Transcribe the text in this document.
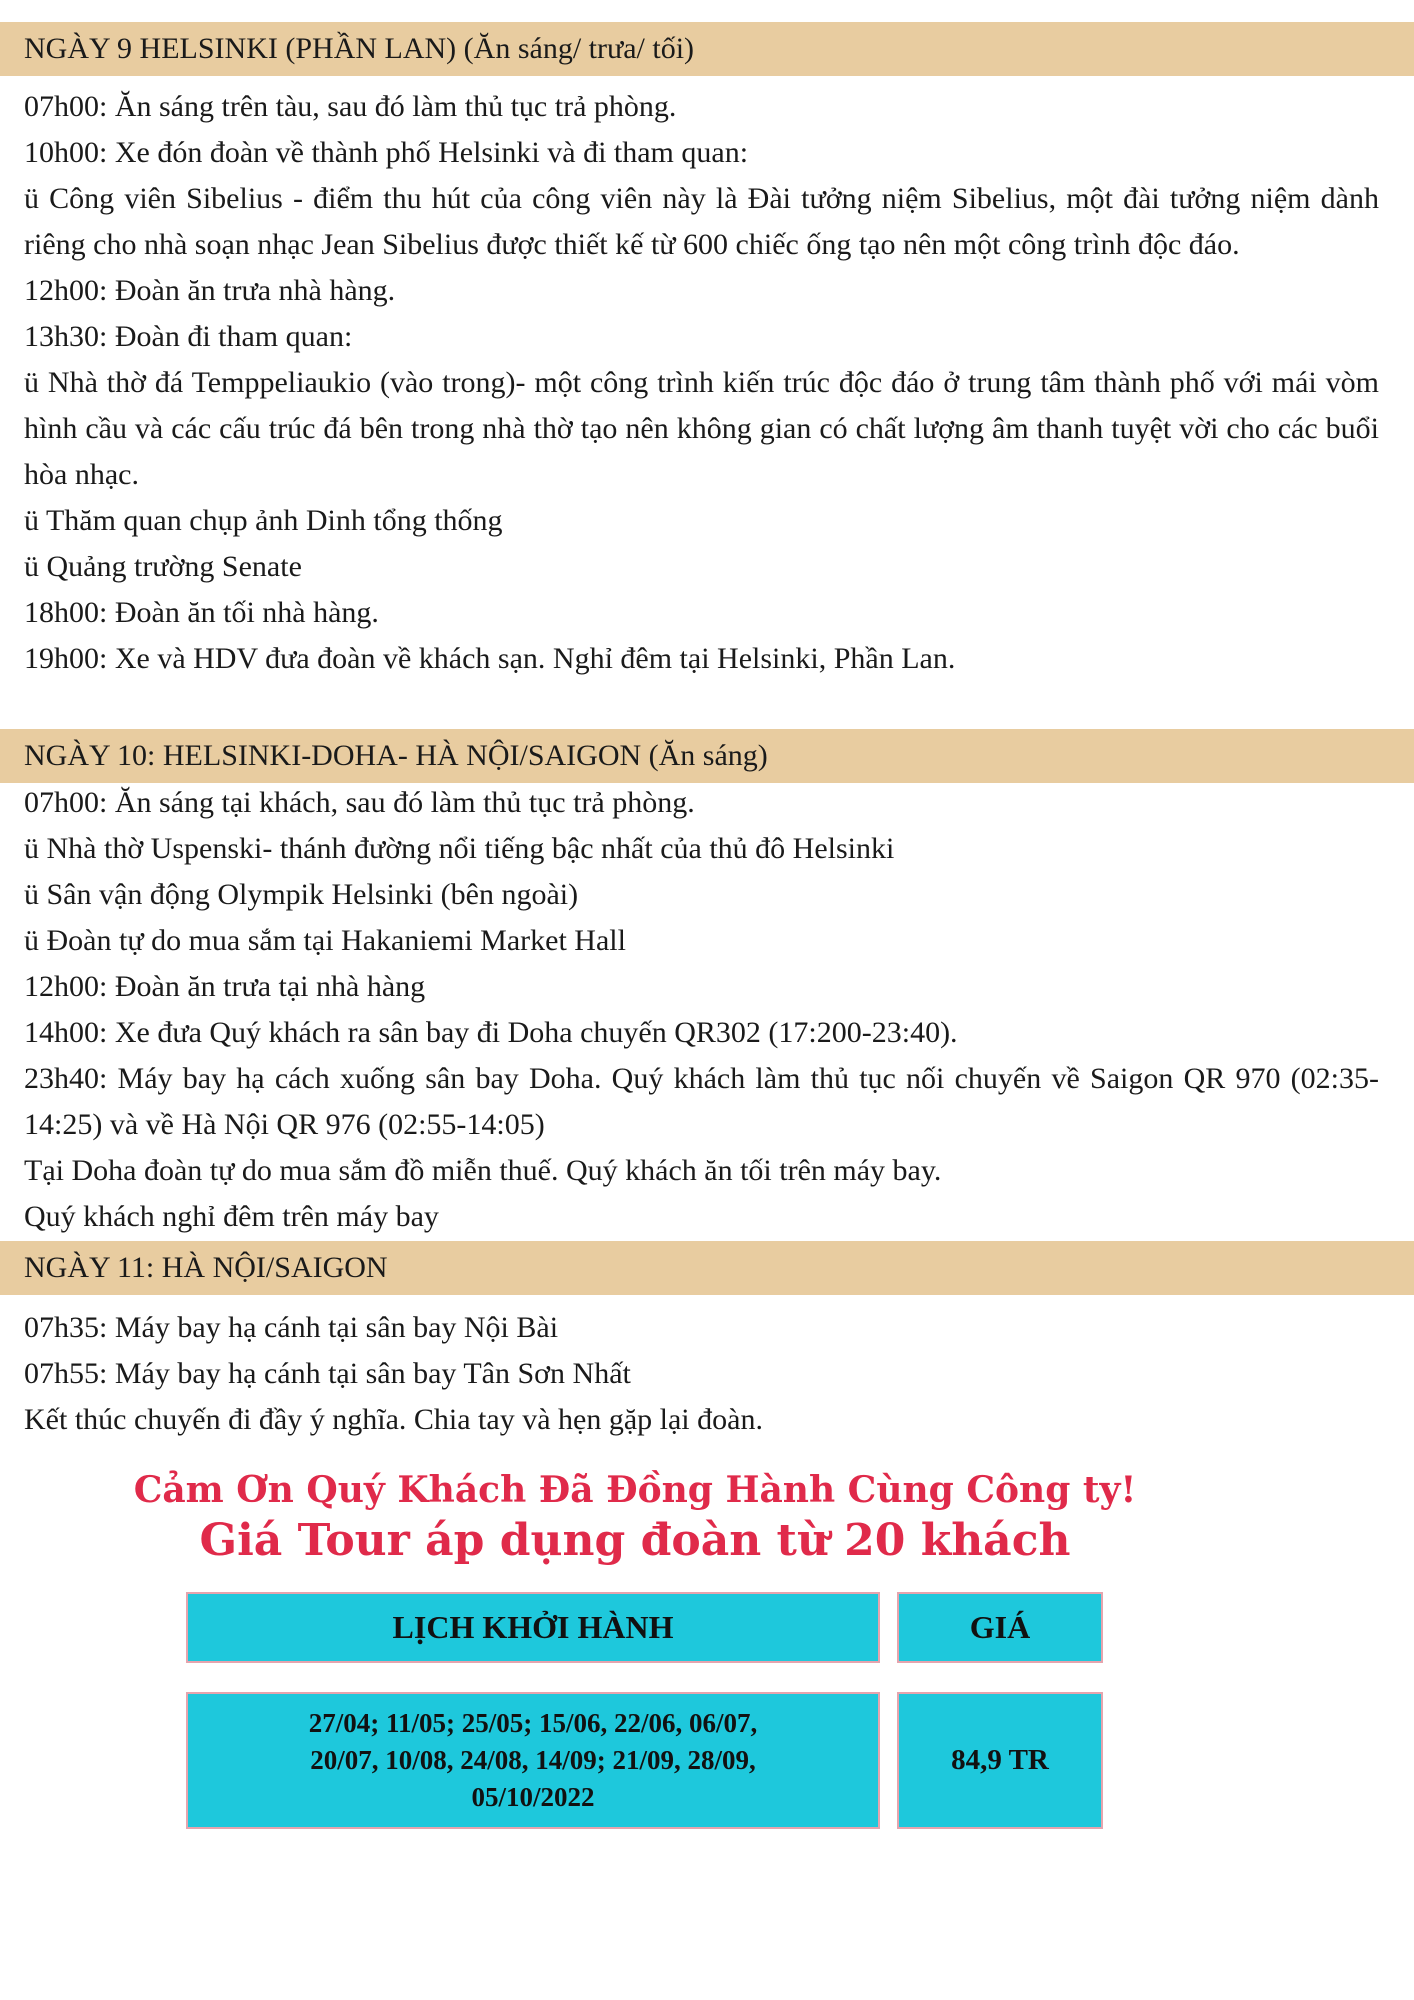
NGÀY 9 HELSINKI (PHẦN LAN) (Ăn sáng/ trưa/ tối)

07h00: Ăn sáng trên tàu, sau đó làm thủ tục trả phòng.

10h00: Xe đón đoàn về thành phố Helsinki và đi tham quan:

ü Công viên Sibelius - điểm thu hút của công viên này là Đài tưởng niệm Sibelius, một đài tưởng niệm dành riêng cho nhà soạn nhạc Jean Sibelius được thiết kế từ 600 chiếc ống tạo nên một công trình độc đáo.

12h00: Đoàn ăn trưa nhà hàng.

13h30: Đoàn đi tham quan:

ü Nhà thờ đá Temppeliaukio (vào trong)- một công trình kiến trúc độc đáo ở trung tâm thành phố với mái vòm hình cầu và các cấu trúc đá bên trong nhà thờ tạo nên không gian có chất lượng âm thanh tuyệt vời cho các buổi hòa nhạc.

ü Thăm quan chụp ảnh Dinh tổng thống

ü Quảng trường Senate

18h00: Đoàn ăn tối nhà hàng.

19h00: Xe và HDV đưa đoàn về khách sạn. Nghỉ đêm tại Helsinki, Phần Lan.

NGÀY 10: HELSINKI-DOHA- HÀ NỘI/SAIGON (Ăn sáng)

07h00: Ăn sáng tại khách, sau đó làm thủ tục trả phòng.

ü Nhà thờ Uspenski- thánh đường nổi tiếng bậc nhất của thủ đô Helsinki

ü Sân vận động Olympik Helsinki (bên ngoài)

ü Đoàn tự do mua sắm tại Hakaniemi Market Hall

12h00: Đoàn ăn trưa tại nhà hàng

14h00: Xe đưa Quý khách ra sân bay đi Doha chuyến QR302 (17:200-23:40).

23h40: Máy bay hạ cách xuống sân bay Doha. Quý khách làm thủ tục nối chuyến về Saigon QR 970 (02:35-14:25) và về Hà Nội QR 976 (02:55-14:05)

Tại Doha đoàn tự do mua sắm đồ miễn thuế. Quý khách ăn tối trên máy bay.

Quý khách nghỉ đêm trên máy bay

NGÀY 11: HÀ NỘI/SAIGON

07h35: Máy bay hạ cánh tại sân bay Nội Bài

07h55: Máy bay hạ cánh tại sân bay Tân Sơn Nhất

Kết thúc chuyến đi đầy ý nghĩa. Chia tay và hẹn gặp lại đoàn.

Cảm Ơn Quý Khách Đã Đồng Hành Cùng Công ty!
Giá Tour áp dụng đoàn từ 20 khách
LỊCH KHỞI HÀNH	GIÁ
27/04; 11/05; 25/05; 15/06, 22/06, 06/07,
20/07, 10/08, 24/08, 14/09; 21/09, 28/09,
05/10/2022
84,9 TR
